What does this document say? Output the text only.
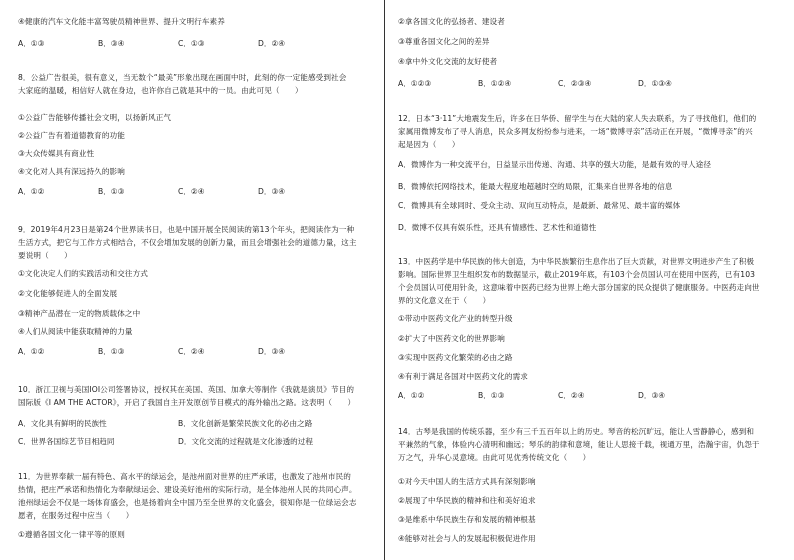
④健康的汽车文化能丰富驾驶员精神世界、提升文明行车素养
A．①③	B．③④	C．①③	D．②④
8．公益广告很美，很有意义，当无数个“最美”形象出现在画面中时，此刻的你一定能感受到社会大家庭的温暖，相信好人就在身边，也许你自己就是其中的一员。由此可见（　　）
①公益广告能够传播社会文明，以扬新风正气
②公益广告有着道德教育的功能
③大众传媒具有商业性
④文化对人具有深远持久的影响
A．①②	B．①③	C．②④	D．③④
9．2019年4月23日是第24个世界读书日，也是中国开展全民阅读的第13个年头，把阅读作为一种生活方式，把它与工作方式相结合，不仅会增加发展的创新力量，而且会增强社会的道德力量，这主要说明（　　）
①文化决定人们的实践活动和交往方式
②文化能够促进人的全面发展
③精神产品潜在一定的物质载体之中
④人们从阅读中能获取精神的力量
A．①②	B．①③	C．②④	D．③④
10．浙江卫视与美国IOI公司签署协议，授权其在美国、英国、加拿大等制作《我就是演员》节目的国际版《I AM THE ACTOR》，开启了我国自主开发原创节目模式的海外输出之路。这表明（　　）
A．文化具有鲜明的民族性	B．文化创新是繁荣民族文化的必由之路
C．世界各国综艺节目相趋同	D．文化交流的过程就是文化渗透的过程
11．为世界奉献一届有特色、高水平的绿运会，是池州面对世界的庄严承诺，也激发了池州市民的热情，把庄严承诺和热情化为奉献绿运会、建设美好池州的实际行动，是全体池州人民的共同心声。池州绿运会不仅是一场体育盛会，也是扬着向全中国乃至全世界的文化盛会，很知你是一位绿运会志愿者，在服务过程中应当（　　）
①遵循各国文化一律平等的原则
②拿各国文化的弘扬者、建设者
③尊重各国文化之间的差异
④拿中外文化交流的友好使者
A．①②③	B．①②④	C．②③④	D．①③④
12．日本“3·11”大地震发生后，许多在日华侨、留学生与在大陆的家人失去联系，为了寻找他们，他们的家属用微博发布了寻人消息，民众多网友纷纷参与进来，一场“微博寻亲”活动正在开展，“微博寻亲”的兴起是因为（　　）
A．微博作为一种交流平台，日益显示出传递、沟通、共享的强大功能，是最有效的寻人途径
B．微博依托网络技术，能最大程度地超越时空的局限，汇集来自世界各地的信息
C．微博具有全球同时、受众主动、双向互动特点，是最新、最常见、最丰富的媒体
D．微博不仅具有娱乐性，还具有情感性、艺术性和道德性
13．中医药学是中华民族的伟大创造，为中华民族繁衍生息作出了巨大贡献，对世界文明进步产生了积极影响。国际世界卫生组织发布的数据显示，截止2019年底，有103个会员国认可在使用中医药，已有103个会员国认可使用针灸，这意味着中医药已经为世界上绝大部分国家的民众提供了健康服务。中医药走向世界的文化意义在于（　　）
①带动中医药文化产业的转型升级
②扩大了中医药文化的世界影响
③实现中医药文化繁荣的必由之路
④有利于满足各国对中医药文化的需求
A．①②	B．①③	C．②④	D．③④
14．古琴是我国的传统乐器，至少有三千五百年以上的历史。琴音的松沉旷远，能让人雪静静心，感到和平兼然的气象，体验内心清明和幽远；琴乐的韵律和意境，能让人思接千载，视通万里，浩瀚宇宙，仇怨于万之气，升华心灵意境。由此可见优秀传统文化（　　）
①对今天中国人的生活方式具有深刻影响
②展现了中华民族的精神和往和美好追求
③是维系中华民族生存和发展的精神根基
④能够对社会与人的发展起积极促进作用
